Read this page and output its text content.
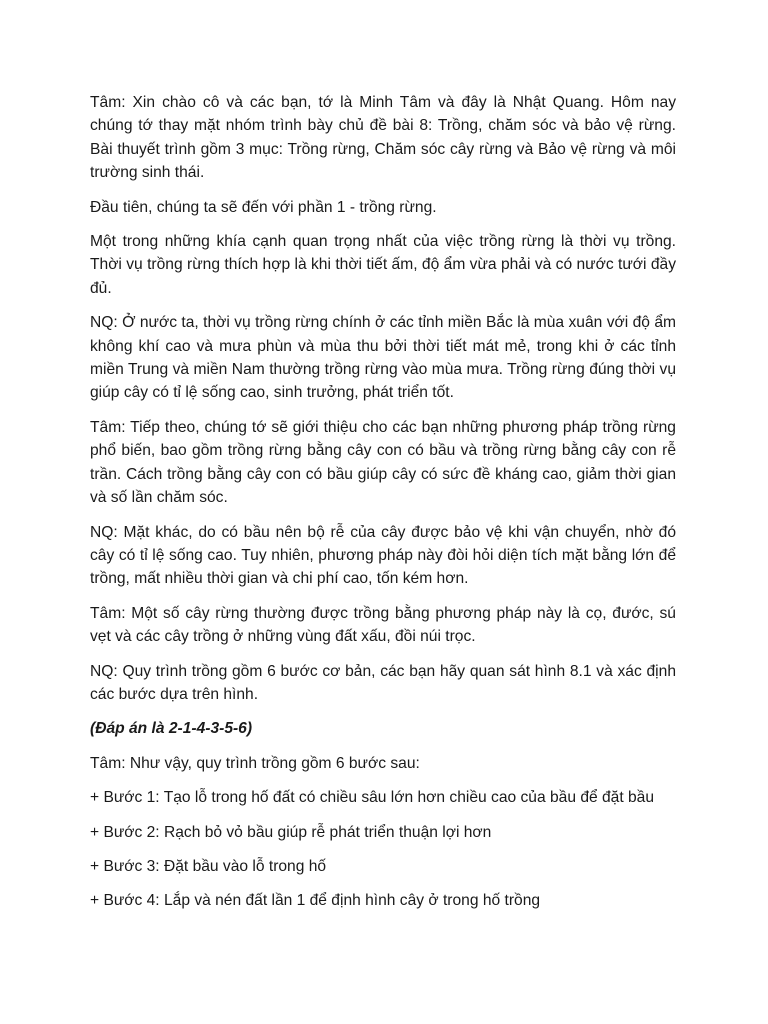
Tâm: Xin chào cô và các bạn, tớ là Minh Tâm và đây là Nhật Quang. Hôm nay chúng tớ thay mặt nhóm trình bày chủ đề bài 8: Trồng, chăm sóc và bảo vệ rừng. Bài thuyết trình gồm 3 mục: Trồng rừng, Chăm sóc cây rừng và Bảo vệ rừng và môi trường sinh thái.

Đầu tiên, chúng ta sẽ đến với phần 1 - trồng rừng.

Một trong những khía cạnh quan trọng nhất của việc trồng rừng là thời vụ trồng. Thời vụ trồng rừng thích hợp là khi thời tiết ấm, độ ẩm vừa phải và có nước tưới đầy đủ.

NQ: Ở nước ta, thời vụ trồng rừng chính ở các tỉnh miền Bắc là mùa xuân với độ ẩm không khí cao và mưa phùn và mùa thu bởi thời tiết mát mẻ, trong khi ở các tỉnh miền Trung và miền Nam thường trồng rừng vào mùa mưa. Trồng rừng đúng thời vụ giúp cây có tỉ lệ sống cao, sinh trưởng, phát triển tốt.

Tâm: Tiếp theo, chúng tớ sẽ giới thiệu cho các bạn những phương pháp trồng rừng phổ biến, bao gồm trồng rừng bằng cây con có bầu và trồng rừng bằng cây con rễ trần. Cách trồng bằng cây con có bầu giúp cây có sức đề kháng cao, giảm thời gian và số lần chăm sóc.

NQ: Mặt khác, do có bầu nên bộ rễ của cây được bảo vệ khi vận chuyển, nhờ đó cây có tỉ lệ sống cao. Tuy nhiên, phương pháp này đòi hỏi diện tích mặt bằng lớn để trồng, mất nhiều thời gian và chi phí cao, tốn kém hơn.

Tâm: Một số cây rừng thường được trồng bằng phương pháp này là cọ, đước, sú vẹt và các cây trồng ở những vùng đất xấu, đồi núi trọc.

NQ: Quy trình trồng gồm 6 bước cơ bản, các bạn hãy quan sát hình 8.1 và xác định các bước dựa trên hình.

(Đáp án là 2-1-4-3-5-6)

Tâm: Như vậy, quy trình trồng gồm 6 bước sau:

+ Bước 1: Tạo lỗ trong hố đất có chiều sâu lớn hơn chiều cao của bầu để đặt bầu

+ Bước 2: Rạch bỏ vỏ bầu giúp rễ phát triển thuận lợi hơn

+ Bước 3: Đặt bầu vào lỗ trong hố

+ Bước 4: Lắp và nén đất lần 1 để định hình cây ở trong hố trồng
